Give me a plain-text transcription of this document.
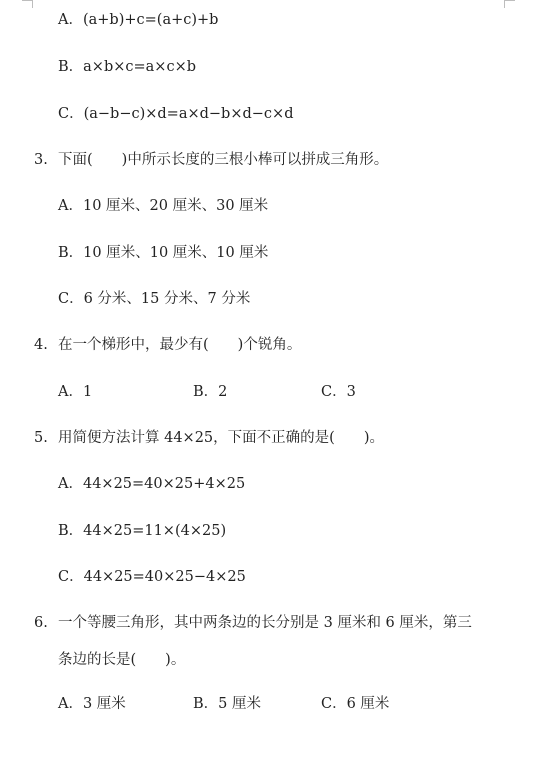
A．(a+b)+c=(a+c)+b
B．a×b×c=a×c×b
C．(a−b−c)×d=a×d−b×d−c×d
3. 下面(　　)中所示长度的三根小棒可以拼成三角形。
A．10 厘米、20 厘米、30 厘米
B．10 厘米、10 厘米、10 厘米
C．6 分米、15 分米、7 分米
4. 在一个梯形中，最少有(　　)个锐角。
A．1	B．2	C．3
5. 用简便方法计算 44×25，下面不正确的是(　　)。
A．44×25=40×25+4×25
B．44×25=11×(4×25)
C．44×25=40×25−4×25
6. 一个等腰三角形，其中两条边的长分别是 3 厘米和 6 厘米，第三
条边的长是(　　)。
A．3 厘米	B．5 厘米	C．6 厘米
